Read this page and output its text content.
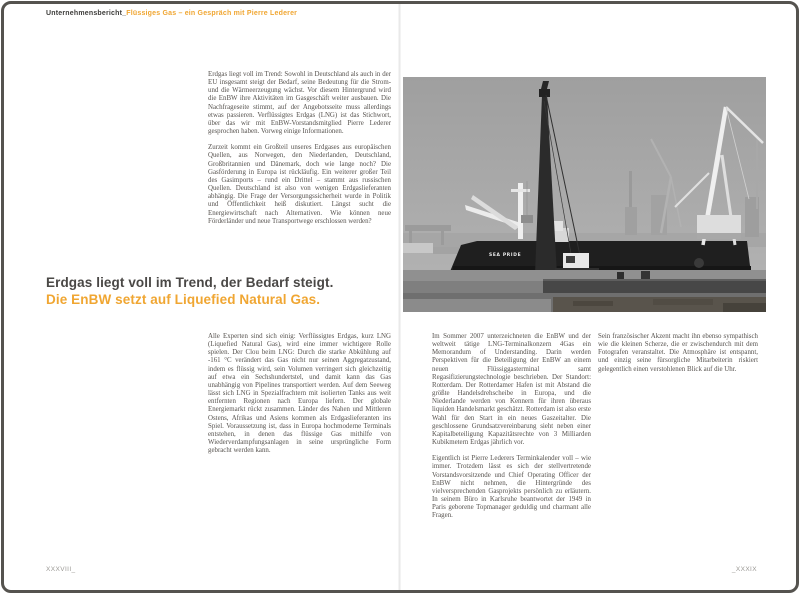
Unternehmensbericht_Flüssiges Gas – ein Gespräch mit Pierre Lederer

Erdgas liegt voll im Trend: Sowohl in Deutschland als auch in der EU insgesamt steigt der Bedarf, seine Bedeutung für die Strom- und die Wärmeerzeugung wächst. Vor diesem Hintergrund wird die EnBW ihre Aktivitäten im Gasgeschäft weiter ausbauen. Die Nachfrageseite stimmt, auf der Angebotsseite muss allerdings etwas passieren. Verflüssigtes Erdgas (LNG) ist das Stichwort, über das wir mit EnBW-Vorstandsmitglied Pierre Lederer gesprochen haben. Vorweg einige Informationen.

Zurzeit kommt ein Großteil unseres Erdgases aus europäischen Quellen, aus Norwegen, den Niederlanden, Deutschland, Großbritannien und Dänemark, doch wie lange noch? Die Gasförderung in Europa ist rückläufig. Ein weiterer großer Teil des Gasimports – rund ein Drittel – stammt aus russischen Quellen. Deutschland ist also von wenigen Erdgaslieferanten abhängig. Die Frage der Versorgungssicherheit wurde in Politik und Öffentlichkeit heiß diskutiert. Längst sucht die Energiewirtschaft nach Alternativen. Wie können neue Förderländer und neue Transportwege erschlossen werden?

Erdgas liegt voll im Trend, der Bedarf steigt.
Die EnBW setzt auf Liquefied Natural Gas.
SEA PRIDE

Alle Experten sind sich einig: Verflüssigtes Erdgas, kurz LNG (Liquefied Natural Gas), wird eine immer wichtigere Rolle spielen. Der Clou beim LNG: Durch die starke Abkühlung auf -161 °C verändert das Gas nicht nur seinen Aggregatzustand, indem es flüssig wird, sein Volumen verringert sich gleichzeitig auf etwa ein Sechshundertstel, und damit kann das Gas unabhängig von Pipelines transportiert werden. Auf dem Seeweg lässt sich LNG in Spezialfrachtern mit isolierten Tanks aus weit entfernten Regionen nach Europa liefern. Der globale Energiemarkt rückt zusammen. Länder des Nahen und Mittleren Ostens, Afrikas und Asiens kommen als Erdgaslieferanten ins Spiel. Voraussetzung ist, dass in Europa hochmoderne Terminals entstehen, in denen das flüssige Gas mithilfe von Wiederverdampfungsanlagen in seine ursprüngliche Form gebracht werden kann.

Im Sommer 2007 unterzeichneten die EnBW und der weltweit tätige LNG-Terminalkonzern 4Gas ein Memorandum of Understanding. Darin werden Perspektiven für die Beteiligung der EnBW an einem neuen Flüssiggasterminal samt Regasifizierungstechnologie beschrieben. Der Standort: Rotterdam. Der Rotterdamer Hafen ist mit Abstand die größte Handelsdrehscheibe in Europa, und die Niederlande werden von Kennern für ihren überaus liquiden Handelsmarkt geschätzt. Rotterdam ist also erste Wahl für den Start in ein neues Gaszeitalter. Die geschlossene Grundsatzvereinbarung sieht neben einer Kapitalbeteiligung Kapazitätsrechte von 3 Milliarden Kubikmetern Erdgas jährlich vor.

Eigentlich ist Pierre Lederers Terminkalender voll – wie immer. Trotzdem lässt es sich der stellvertretende Vorstandsvorsitzende und Chief Operating Officer der EnBW nicht nehmen, die Hintergründe des vielversprechenden Gasprojekts persönlich zu erläutern. In seinem Büro in Karlsruhe beantwortet der 1949 in Paris geborene Topmanager geduldig und charmant alle Fragen.

Sein französischer Akzent macht ihn ebenso sympathisch wie die kleinen Scherze, die er zwischendurch mit dem Fotografen veranstaltet. Die Atmosphäre ist entspannt, und einzig seine fürsorgliche Mitarbeiterin riskiert gelegentlich einen verstohlenen Blick auf die Uhr.

XXXVIII_	_XXXIX
